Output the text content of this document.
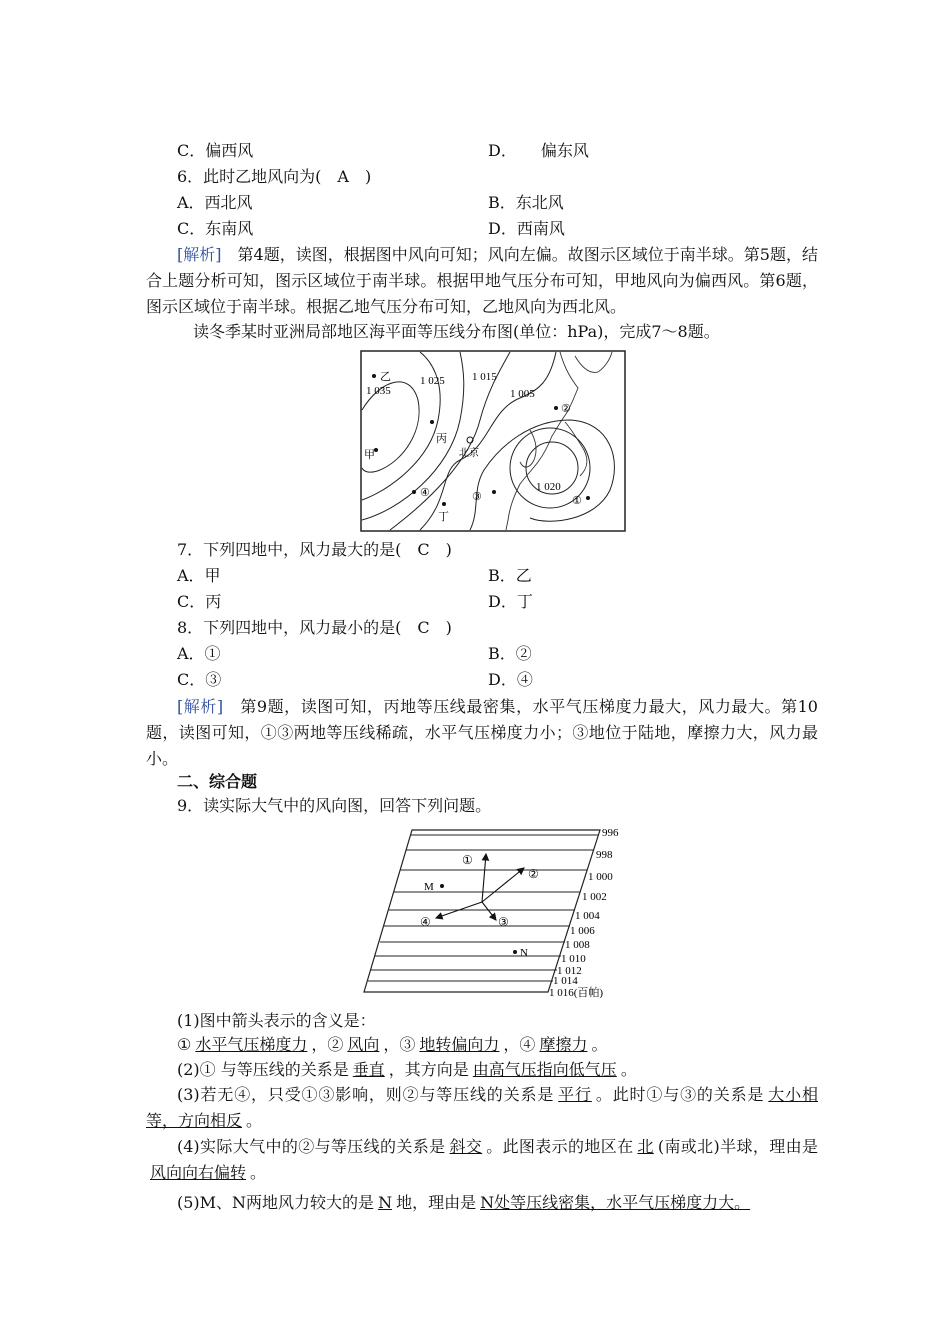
C．偏西风	D．　　偏东风
6．此时乙地风向为(　A　)
A．西北风	B．东北风
C．东南风	D．西南风
[解析]　第4题，读图，根据图中风向可知；风向左偏。故图示区域位于南半球。第5题，结合上题分析可知，图示区域位于南半球。根据甲地气压分布可知，甲地风向为偏西风。第6题，图示区域位于南半球。根据乙地气压分布可知，乙地风向为西北风。
读冬季某时亚洲局部地区海平面等压线分布图(单位：hPa)，完成7～8题。
乙
1 035
1 025 1 015
1 005
②
丙
北京
甲
1 020
④	③	①
丁
7．下列四地中，风力最大的是(　C　)
A．甲	B．乙
C．丙	D．丁
8．下列四地中，风力最小的是(　C　)
A．①	B．②
C．③	D．④
[解析]　第9题，读图可知，丙地等压线最密集，水平气压梯度力最大，风力最大。第10题，读图可知，①③两地等压线稀疏，水平气压梯度力小；③地位于陆地，摩擦力大，风力最小。
二、综合题
9．读实际大气中的风向图，回答下列问题。
①
②
③
④
M
N
996
998
1 000
1 002
1 004
1 006
1 008
1 010
1 012
1 014
1 016(百帕)
(1)图中箭头表示的含义是：
① 水平气压梯度力 ，② 风向 ，③ 地转偏向力 ，④ 摩擦力 。
(2)① 与等压线的关系是 垂直 ，其方向是 由高气压指向低气压 。
(3)若无④，只受①③影响，则②与等压线的关系是 平行 。此时①与③的关系是 大小相等，方向相反 。
(4)实际大气中的②与等压线的关系是 斜交 。此图表示的地区在 北 (南或北)半球，理由是风向向右偏转 。
(5)M、N两地风力较大的是 N 地，理由是 N处等压线密集，水平气压梯度力大。
